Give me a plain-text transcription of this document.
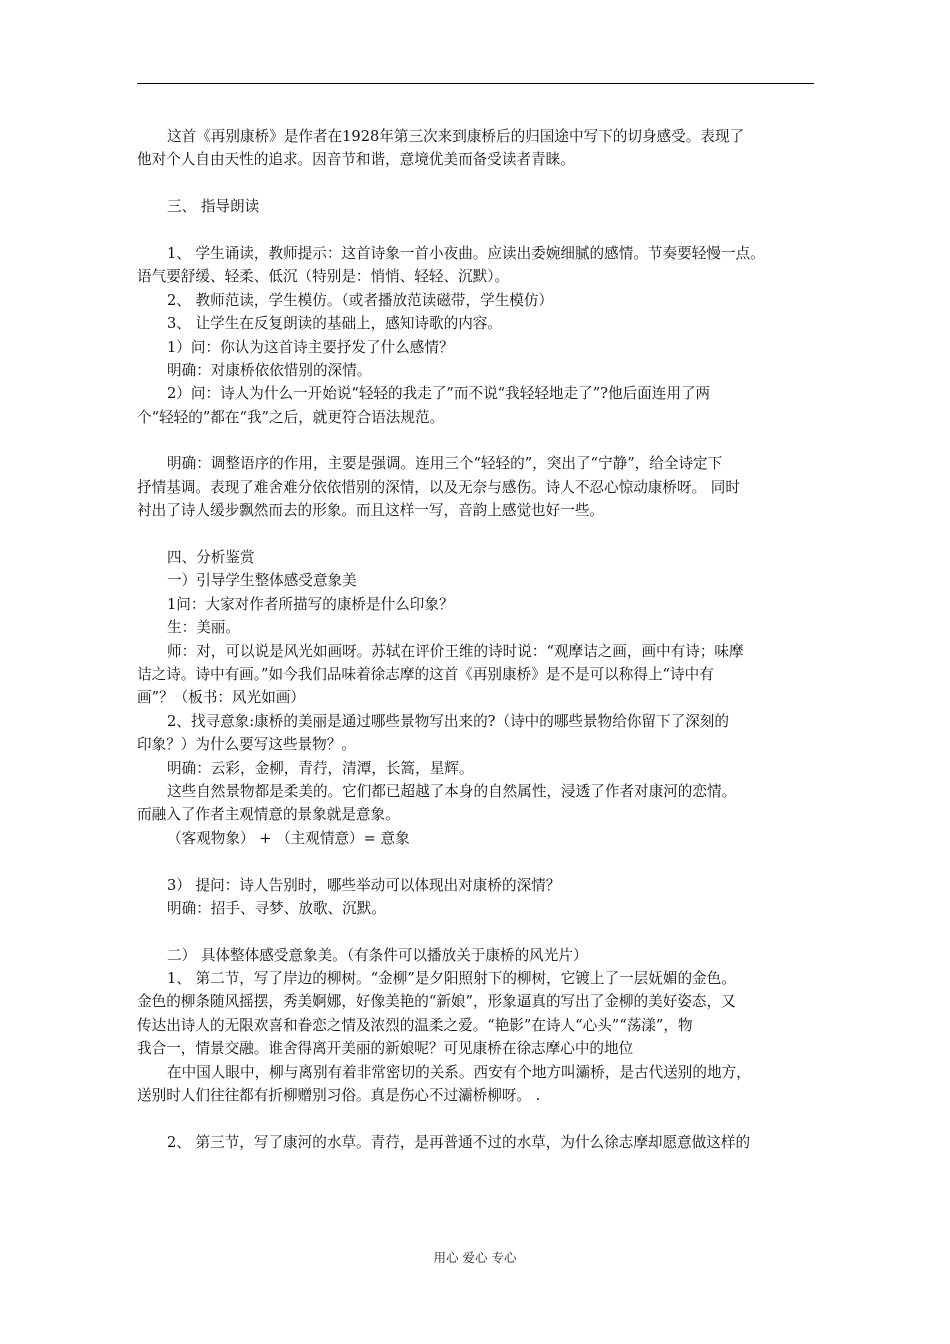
这首《再别康桥》是作者在1928年第三次来到康桥后的归国途中写下的切身感受。表现了
他对个人自由天性的追求。因音节和谐，意境优美而备受读者青睐。
三、 指导朗读
1、 学生诵读，教师提示：这首诗象一首小夜曲。应读出委婉细腻的感情。节奏要轻慢一点。
语气要舒缓、轻柔、低沉（特别是：悄悄、轻轻、沉默）。
2、 教师范读，学生模仿。（或者播放范读磁带，学生模仿）
3、 让学生在反复朗读的基础上，感知诗歌的内容。
1）问：你认为这首诗主要抒发了什么感情？
明确：对康桥依依惜别的深情。
2）问：诗人为什么一开始说“轻轻的我走了”而不说“我轻轻地走了”?他后面连用了两
个“轻轻的”都在“我”之后，就更符合语法规范。
明确：调整语序的作用，主要是强调。连用三个“轻轻的”，突出了“宁静”，给全诗定下
抒情基调。表现了难舍难分依依惜别的深情，以及无奈与感伤。诗人不忍心惊动康桥呀。 同时
衬出了诗人缓步飘然而去的形象。而且这样一写，音韵上感觉也好一些。
四、分析鉴赏
一）引导学生整体感受意象美
1问：大家对作者所描写的康桥是什么印象？
生：美丽。
师：对，可以说是风光如画呀。苏轼在评价王维的诗时说：“观摩诘之画，画中有诗；味摩
诘之诗。诗中有画。”如今我们品味着徐志摩的这首《再别康桥》是不是可以称得上“诗中有
画”？（板书：风光如画）
2、找寻意象:康桥的美丽是通过哪些景物写出来的?（诗中的哪些景物给你留下了深刻的
印象？）为什么要写这些景物？。
明确：云彩，金柳，青荇，清潭，长篙，星辉。
这些自然景物都是柔美的。它们都已超越了本身的自然属性，浸透了作者对康河的恋情。
而融入了作者主观情意的景象就是意象。
（客观物象） + （主观情意）= 意象
3） 提问：诗人告别时，哪些举动可以体现出对康桥的深情？
明确：招手、寻梦、放歌、沉默。
二） 具体整体感受意象美。（有条件可以播放关于康桥的风光片）
1、 第二节，写了岸边的柳树。“金柳”是夕阳照射下的柳树，它镀上了一层妩媚的金色。
金色的柳条随风摇摆，秀美婀娜，好像美艳的“新娘”，形象逼真的写出了金柳的美好姿态，又
传达出诗人的无限欢喜和眷恋之情及浓烈的温柔之爱。“艳影”在诗人“心头”“荡漾”，物
我合一，情景交融。谁舍得离开美丽的新娘呢？可见康桥在徐志摩心中的地位
在中国人眼中，柳与离别有着非常密切的关系。西安有个地方叫灞桥，是古代送别的地方，
送别时人们往往都有折柳赠别习俗。真是伤心不过灞桥柳呀。 .
2、 第三节，写了康河的水草。青荇，是再普通不过的水草，为什么徐志摩却愿意做这样的
用心 爱心 专心
